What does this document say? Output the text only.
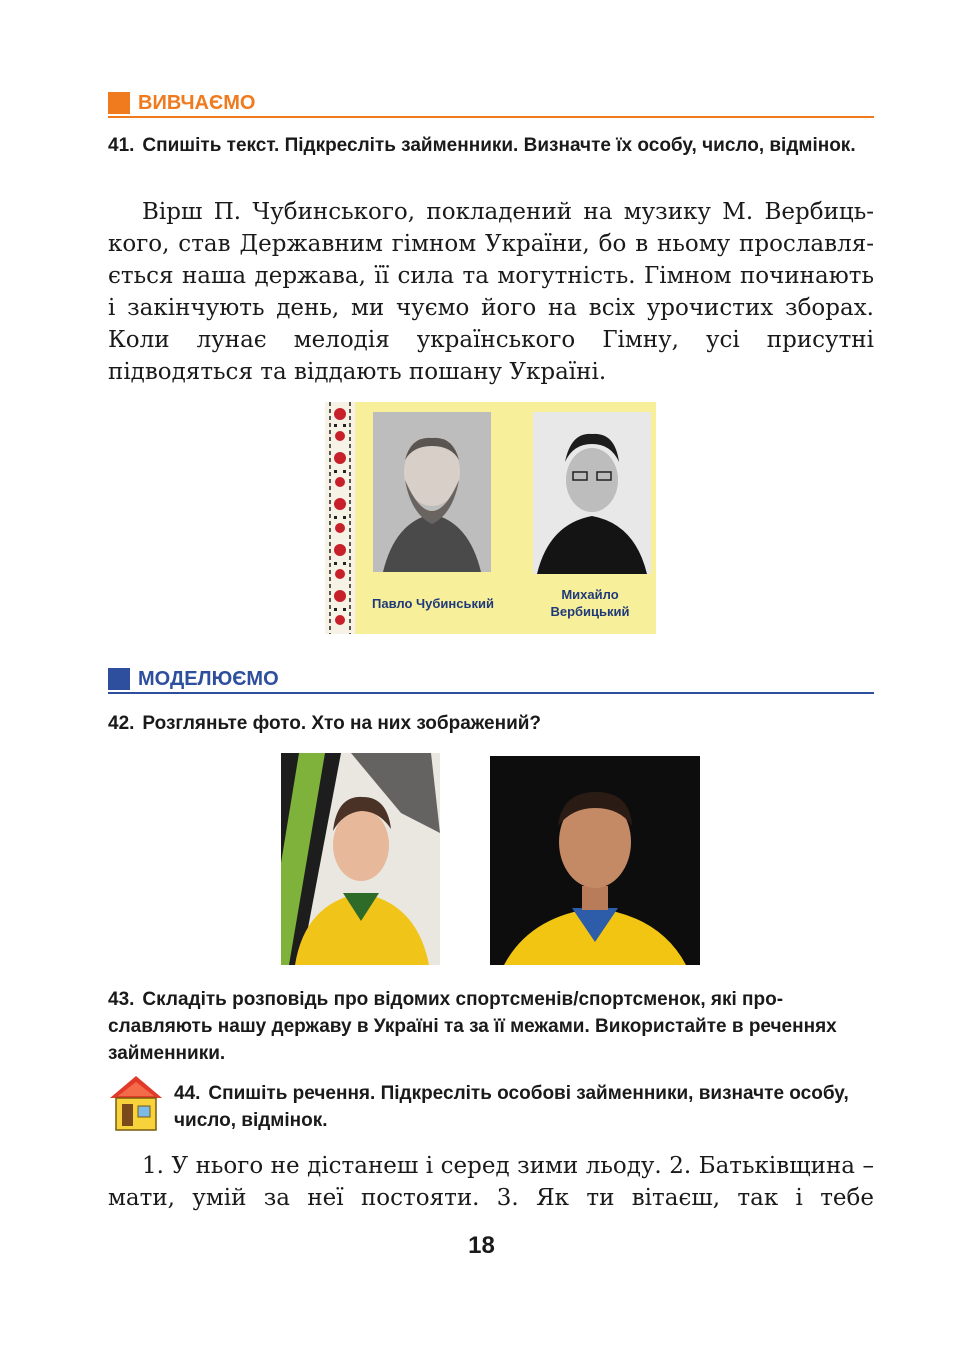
ВИВЧАЄМО
41. Спишіть текст. Підкресліть займенники. Визначте їх особу, число, відмінок.
Вірш П. Чубинського, покладений на музику М. Вербицького, став Державним гімном України, бо в ньому прославляється наша держава, її сила та могутність. Гімном починають і закінчують день, ми чуємо його на всіх урочистих зборах. Коли лунає мелодія українського Гімну, усі присутні підводяться та віддають пошану Україні.
Павло Чубинський
Михайло
Вербицький
МОДЕЛЮЄМО
42. Розгляньте фото. Хто на них зображений?
43. Складіть розповідь про відомих спортсменів/спортсменок, які прославляють нашу державу в Україні та за її межами. Використайте в реченнях займенники.
44. Спишіть речення. Підкресліть особові займенники, визначте особу, число, відмінок.
1. У нього не дістанеш і серед зими льоду. 2. Батьківщина – мати, умій за неї постояти. 3. Як ти вітаєш, так і тебе
18
